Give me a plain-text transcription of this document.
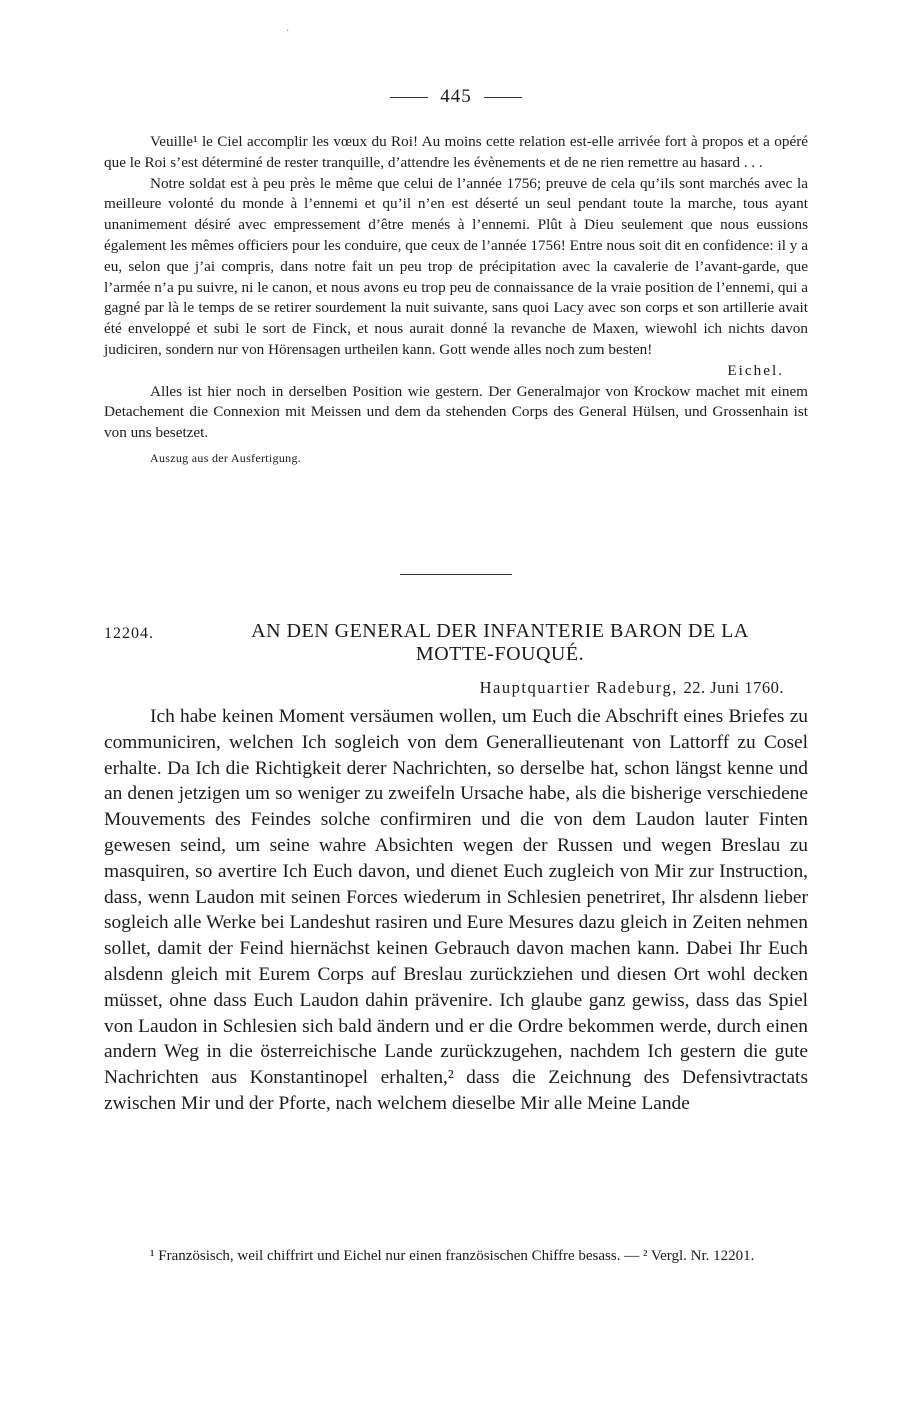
·
445

Veuille¹ le Ciel accomplir les vœux du Roi! Au moins cette relation est-elle arrivée fort à propos et a opéré que le Roi s’est déterminé de rester tranquille, d’attendre les évènements et de ne rien remettre au hasard . . .

Notre soldat est à peu près le même que celui de l’année 1756; preuve de cela qu’ils sont marchés avec la meilleure volonté du monde à l’ennemi et qu’il n’en est déserté un seul pendant toute la marche, tous ayant unanimement désiré avec empressement d’être menés à l’ennemi. Plût à Dieu seulement que nous eussions également les mêmes officiers pour les conduire, que ceux de l’année 1756! Entre nous soit dit en confidence: il y a eu, selon que j’ai compris, dans notre fait un peu trop de précipitation avec la cavalerie de l’avant-garde, que l’armée n’a pu suivre, ni le canon, et nous avons eu trop peu de connaissance de la vraie position de l’ennemi, qui a gagné par là le temps de se retirer sourdement la nuit suivante, sans quoi Lacy avec son corps et son artillerie avait été enveloppé et subi le sort de Finck, et nous aurait donné la revanche de Maxen, wiewohl ich nichts davon judiciren, sondern nur von Hörensagen urtheilen kann. Gott wende alles noch zum besten!

Eichel.

Alles ist hier noch in derselben Position wie gestern. Der Generalmajor von Krockow machet mit einem Detachement die Connexion mit Meissen und dem da stehenden Corps des General Hülsen, und Grossenhain ist von uns besetzet.

Auszug aus der Ausfertigung.

12204.	AN DEN GENERAL DER INFANTERIE BARON DE LA
MOTTE-FOUQUÉ.
Hauptquartier Radeburg, 22. Juni 1760.

Ich habe keinen Moment versäumen wollen, um Euch die Abschrift eines Briefes zu communiciren, welchen Ich sogleich von dem Generallieutenant von Lattorff zu Cosel erhalte. Da Ich die Richtigkeit derer Nachrichten, so derselbe hat, schon längst kenne und an denen jetzigen um so weniger zu zweifeln Ursache habe, als die bisherige verschiedene Mouvements des Feindes solche confirmiren und die von dem Laudon lauter Finten gewesen seind, um seine wahre Absichten wegen der Russen und wegen Breslau zu masquiren, so avertire Ich Euch davon, und dienet Euch zugleich von Mir zur Instruction, dass, wenn Laudon mit seinen Forces wiederum in Schlesien penetriret, Ihr alsdenn lieber sogleich alle Werke bei Landeshut rasiren und Eure Mesures dazu gleich in Zeiten nehmen sollet, damit der Feind hiernächst keinen Gebrauch davon machen kann. Dabei Ihr Euch alsdenn gleich mit Eurem Corps auf Breslau zurückziehen und diesen Ort wohl decken müsset, ohne dass Euch Laudon dahin prävenire. Ich glaube ganz gewiss, dass das Spiel von Laudon in Schlesien sich bald ändern und er die Ordre bekommen werde, durch einen andern Weg in die österreichische Lande zurückzugehen, nachdem Ich gestern die gute Nachrichten aus Konstantinopel erhalten,² dass die Zeichnung des Defensivtractats zwischen Mir und der Pforte, nach welchem dieselbe Mir alle Meine Lande

¹ Französisch, weil chiffrirt und Eichel nur einen französischen Chiffre besass. — ² Vergl. Nr. 12201.
